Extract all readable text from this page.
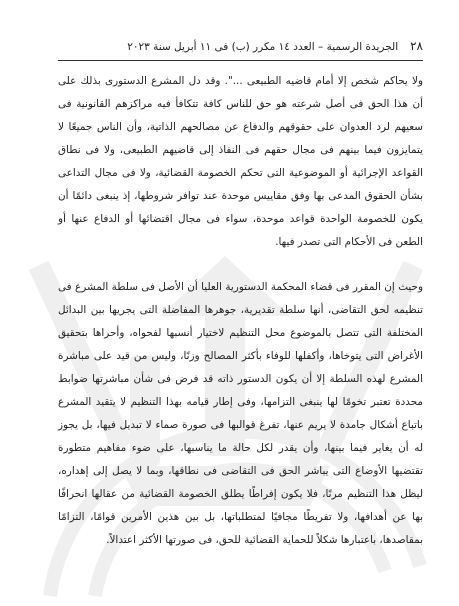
٢٨
الجريدة الرسمية – العدد ١٤ مكرر (ب) فى ١١ أبريل سنة ٢٠٢٣

ولا يحاكم شخص إلا أمام قاضيه الطبيعى ...". وقد دل المشرع الدستورى بذلك على أن هذا الحق فى أصل شرعته هو حق للناس كافة تتكافأ فيه مراكزهم القانونية فى سعيهم لرد العدوان على حقوقهم والدفاع عن مصالحهم الذاتية، وأن الناس جميعًا لا يتمايزون فيما بينهم فى مجال حقهم فى النفاذ إلى قاضيهم الطبيعى، ولا فى نطاق القواعد الإجرائية أو الموضوعية التى تحكم الخصومة القضائية، ولا فى مجال التداعى بشأن الحقوق المدعى بها وفق مقاييس موحدة عند توافر شروطها، إذ ينبغى دائمًا أن يكون للخصومة الواحدة قواعد موحدة، سواء فى مجال اقتضائها أو الدفاع عنها أو الطعن فى الأحكام التى تصدر فيها.

وحيث إن المقرر فى قضاء المحكمة الدستورية العليا أن الأصل فى سلطة المشرع فى تنظيمه لحق التقاضى، أنها سلطة تقديرية، جوهرها المفاضلة التى يجريها بين البدائل المختلفة التى تتصل بالموضوع محل التنظيم لاختيار أنسبها لفحواه، وأحراها بتحقيق الأغراض التى يتوخاها، وأكفلها للوفاء بأكثر المصالح وزنًا، وليس من قيد على مباشرة المشرع لهذه السلطة إلا أن يكون الدستور ذاته قد فرض فى شأن مباشرتها ضوابط محددة تعتبر تخومًا لها ينبغى التزامها، وفى إطار قيامه بهذا التنظيم لا يتقيد المشرع باتباع أشكال جامدة لا يريم عنها، تفرغ قوالبها فى صورة صماء لا تبديل فيها، بل يجوز له أن يغاير فيما بينها، وأن يقدر لكل حالة ما يناسبها، على ضوء مفاهيم متطورة تقتضيها الأوضاع التى يباشر الحق فى التقاضى فى نطاقها، وبما لا يصل إلى إهداره، ليظل هذا التنظيم مرنًا، فلا يكون إفراطًا يطلق الخصومة القضائية من عقالها انحرافًا بها عن أهدافها، ولا تفريطًا مجافيًا لمتطلباتها، بل بين هذين الأمرين قوامًا، التزامًا بمقاصدها، باعتبارها شكلاً للحماية القضائية للحق، فى صورتها الأكثر اعتدالاً.
